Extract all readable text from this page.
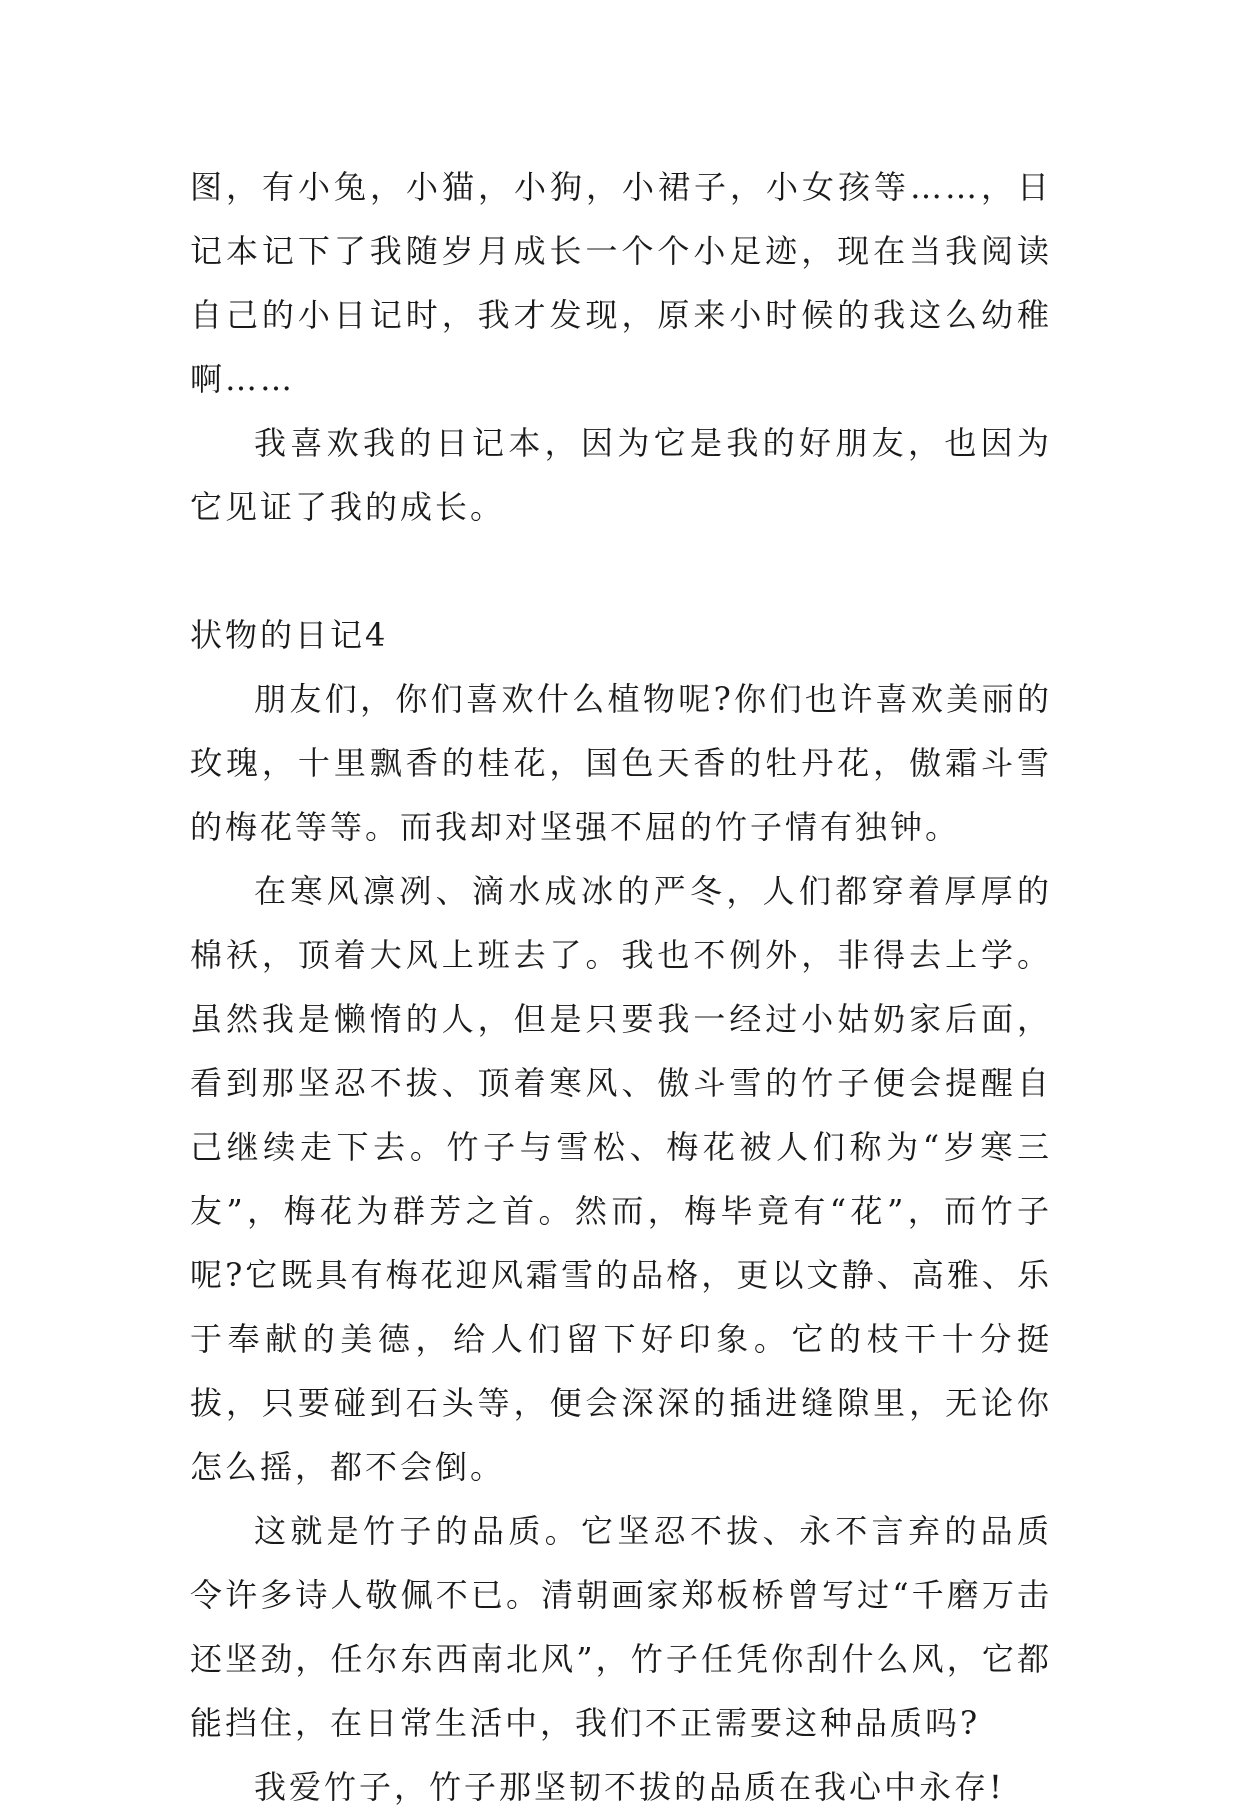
图，有小兔，小猫，小狗，小裙子，小女孩等……，日记本记下了我随岁月成长一个个小足迹，现在当我阅读自己的小日记时，我才发现，原来小时候的我这么幼稚啊……

我喜欢我的日记本，因为它是我的好朋友，也因为它见证了我的成长。

状物的日记4

朋友们，你们喜欢什么植物呢?你们也许喜欢美丽的玫瑰，十里飘香的桂花，国色天香的牡丹花，傲霜斗雪的梅花等等。而我却对坚强不屈的竹子情有独钟。

在寒风凛冽、滴水成冰的严冬，人们都穿着厚厚的棉袄，顶着大风上班去了。我也不例外，非得去上学。虽然我是懒惰的人，但是只要我一经过小姑奶家后面，看到那坚忍不拔、顶着寒风、傲斗雪的竹子便会提醒自己继续走下去。竹子与雪松、梅花被人们称为“岁寒三友”，梅花为群芳之首。然而，梅毕竟有“花”，而竹子呢?它既具有梅花迎风霜雪的品格，更以文静、高雅、乐于奉献的美德，给人们留下好印象。它的枝干十分挺拔，只要碰到石头等，便会深深的插进缝隙里，无论你怎么摇，都不会倒。

这就是竹子的品质。它坚忍不拔、永不言弃的品质令许多诗人敬佩不已。清朝画家郑板桥曾写过“千磨万击还坚劲，任尔东西南北风”，竹子任凭你刮什么风，它都能挡住，在日常生活中，我们不正需要这种品质吗?

我爱竹子，竹子那坚韧不拔的品质在我心中永存!
